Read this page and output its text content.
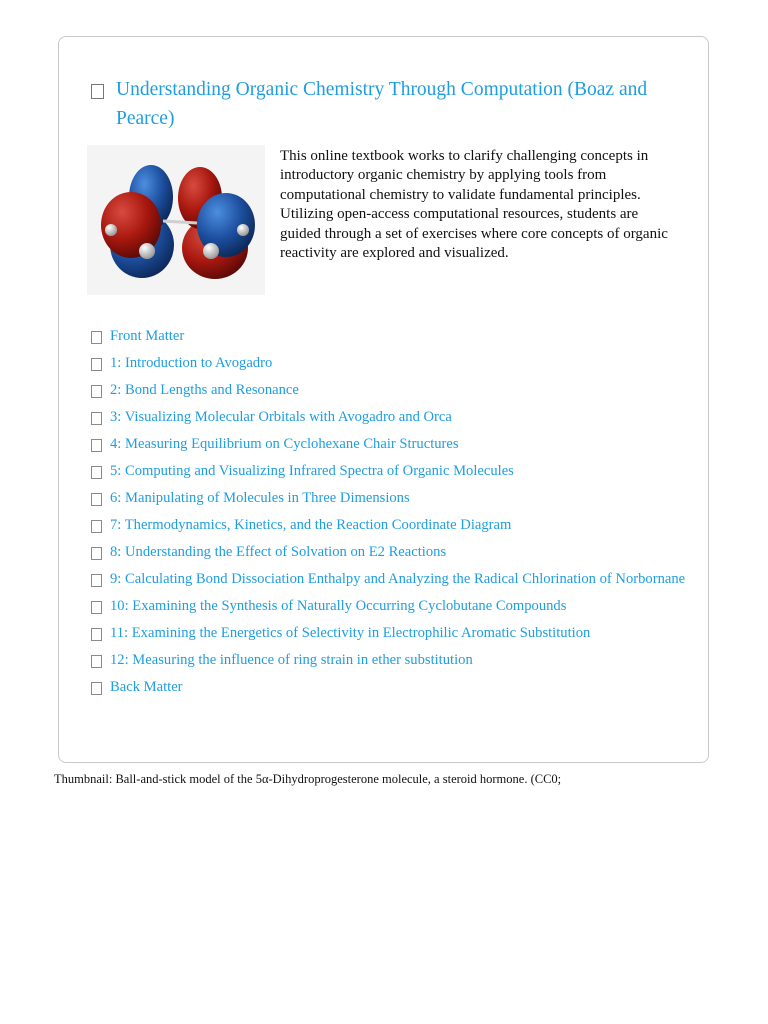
Understanding Organic Chemistry Through Computation (Boaz and Pearce)
This online textbook works to clarify challenging concepts in introductory organic chemistry by applying tools from computational chemistry to validate fundamental principles. Utilizing open-access computational resources, students are guided through a set of exercises where core concepts of organic reactivity are explored and visualized.
Front Matter
1: Introduction to Avogadro
2: Bond Lengths and Resonance
3: Visualizing Molecular Orbitals with Avogadro and Orca
4: Measuring Equilibrium on Cyclohexane Chair Structures
5: Computing and Visualizing Infrared Spectra of Organic Molecules
6: Manipulating of Molecules in Three Dimensions
7: Thermodynamics, Kinetics, and the Reaction Coordinate Diagram
8: Understanding the Effect of Solvation on E2 Reactions
9: Calculating Bond Dissociation Enthalpy and Analyzing the Radical Chlorination of Norbornane
10: Examining the Synthesis of Naturally Occurring Cyclobutane Compounds
11: Examining the Energetics of Selectivity in Electrophilic Aromatic Substitution
12: Measuring the influence of ring strain in ether substitution
Back Matter
Thumbnail: Ball-and-stick model of the 5α-Dihydroprogesterone molecule, a steroid hormone. (CC0;
